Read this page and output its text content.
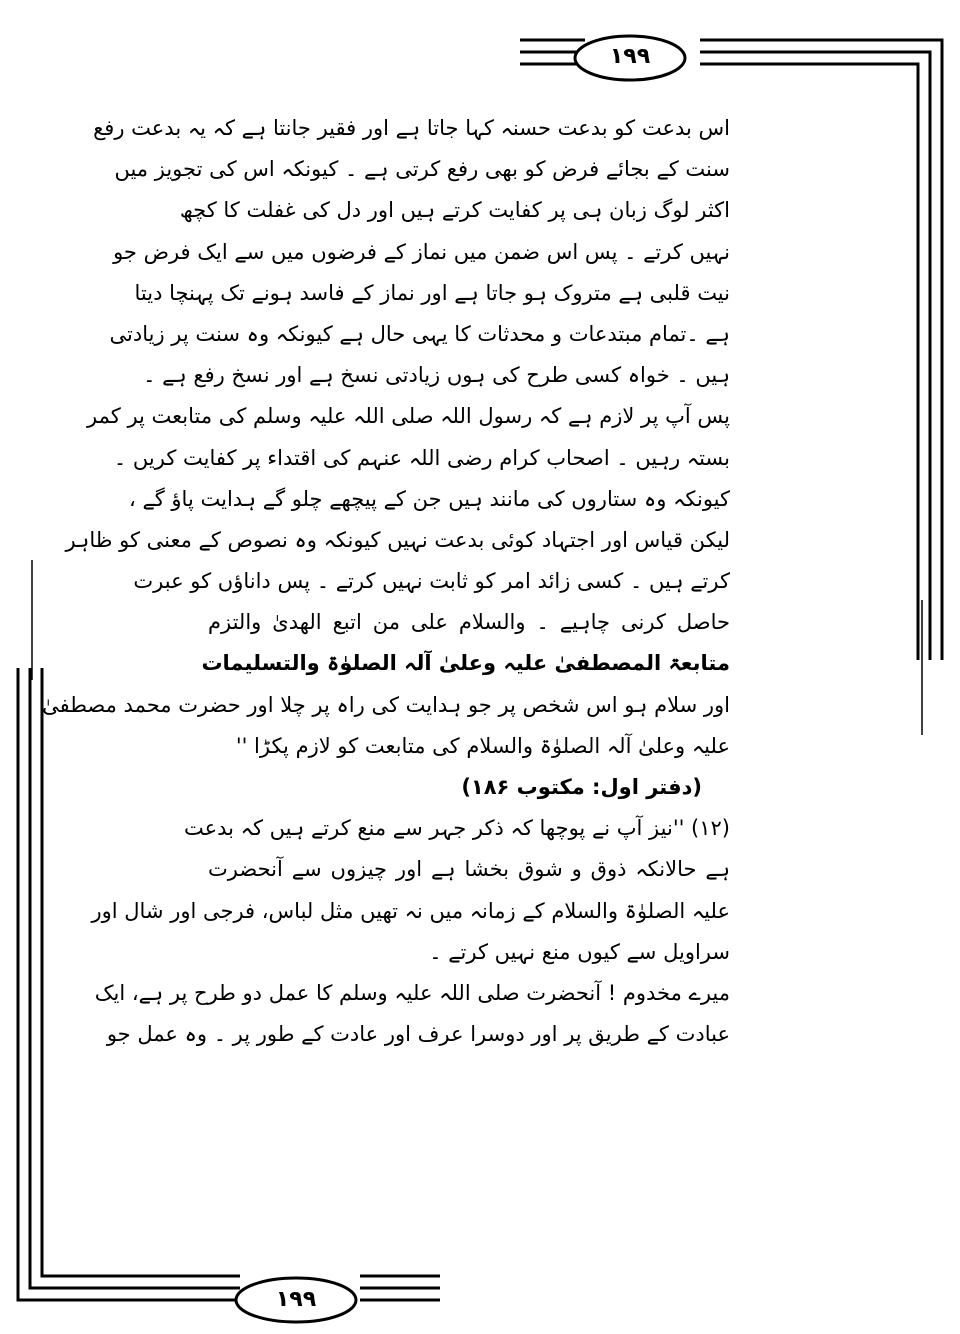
۱۹۹
۱۹۹
اس بدعت کو بدعت حسنہ کہا جاتا ہے اور فقیر جانتا ہے کہ یہ بدعت رفع
سنت کے بجائے فرض کو بھی رفع کرتی ہے ۔ کیونکہ اس کی تجویز میں
اکثر لوگ زبان ہی پر کفایت کرتے ہیں اور دل کی غفلت کا کچھ
نہیں کرتے ۔ پس اس ضمن میں نماز کے فرضوں میں سے ایک فرض جو
نیت قلبی ہے متروک ہو جاتا ہے اور نماز کے فاسد ہونے تک پہنچا دیتا
ہے ۔تمام مبتدعات و محدثات کا یہی حال ہے کیونکہ وہ سنت پر زیادتی
ہیں ۔ خواہ کسی طرح کی ہوں زیادتی نسخ ہے اور نسخ رفع ہے ۔
پس آپ پر لازم ہے کہ رسول اللہ صلی اللہ علیہ وسلم کی متابعت پر کمر
بستہ رہیں ۔ اصحاب کرام رضی اللہ عنہم کی اقتداء پر کفایت کریں ۔
کیونکہ وہ ستاروں کی مانند ہیں جن کے پیچھے چلو گے ہدایت پاؤ گے ،
لیکن قیاس اور اجتہاد کوئی بدعت نہیں کیونکہ وہ نصوص کے معنی کو ظاہر
کرتے ہیں ۔ کسی زائد امر کو ثابت نہیں کرتے ۔ پس داناؤں کو عبرت
حاصل کرنی چاہیے ۔ والسلام علی من اتبع الھدیٰ والتزم
متابعۃ المصطفیٰ علیہ وعلیٰ آلہ الصلوٰۃ والتسلیمات
اور سلام ہو اس شخص پر جو ہدایت کی راہ پر چلا اور حضرت محمد مصطفیٰ
علیہ وعلیٰ آلہ الصلوٰۃ والسلام کی متابعت کو لازم پکڑا ''
(دفتر اول: مکتوب ۱۸۶)
(۱۲) ''نیز آپ نے پوچھا کہ ذکر جہر سے منع کرتے ہیں کہ بدعت
ہے حالانکہ ذوق و شوق بخشا ہے اور چیزوں سے آنحضرت
علیہ الصلوٰۃ والسلام کے زمانہ میں نہ تھیں مثل لباس، فرجی اور شال اور
سراویل سے کیوں منع نہیں کرتے ۔
میرے مخدوم ! آنحضرت صلی اللہ علیہ وسلم کا عمل دو طرح پر ہے، ایک
عبادت کے طریق پر اور دوسرا عرف اور عادت کے طور پر ۔ وہ عمل جو
